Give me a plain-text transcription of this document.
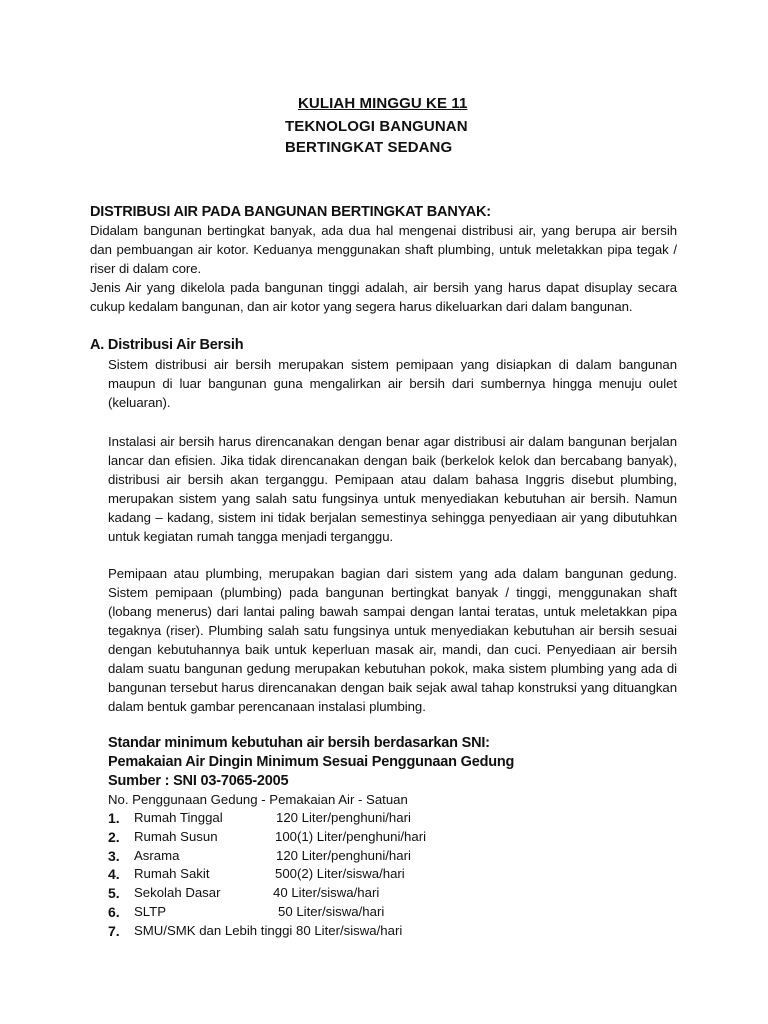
KULIAH MINGGU KE 11
TEKNOLOGI BANGUNAN
BERTINGKAT SEDANG
DISTRIBUSI AIR PADA BANGUNAN BERTINGKAT BANYAK:
Didalam bangunan bertingkat banyak, ada dua hal mengenai distribusi air, yang berupa air bersih dan pembuangan air kotor. Keduanya menggunakan shaft plumbing, untuk meletakkan pipa tegak / riser di dalam core.
Jenis Air yang dikelola pada bangunan tinggi adalah, air bersih yang harus dapat disuplay secara cukup kedalam bangunan, dan air kotor yang segera harus dikeluarkan dari dalam bangunan.
A. Distribusi Air Bersih
Sistem distribusi air bersih merupakan sistem pemipaan yang disiapkan di dalam bangunan maupun di luar bangunan guna mengalirkan air bersih dari sumbernya hingga menuju oulet (keluaran).
Instalasi air bersih harus direncanakan dengan benar agar distribusi air dalam bangunan berjalan lancar dan efisien. Jika tidak direncanakan dengan baik (berkelok kelok dan bercabang banyak), distribusi air bersih akan terganggu. Pemipaan atau dalam bahasa Inggris disebut plumbing, merupakan sistem yang salah satu fungsinya untuk menyediakan kebutuhan air bersih. Namun kadang – kadang, sistem ini tidak berjalan semestinya sehingga penyediaan air yang dibutuhkan untuk kegiatan rumah tangga menjadi terganggu.
Pemipaan atau plumbing, merupakan bagian dari sistem yang ada dalam bangunan gedung. Sistem pemipaan (plumbing) pada bangunan bertingkat banyak / tinggi, menggunakan shaft (lobang menerus) dari lantai paling bawah sampai dengan lantai teratas, untuk meletakkan pipa tegaknya (riser). Plumbing salah satu fungsinya untuk menyediakan kebutuhan air bersih sesuai dengan kebutuhannya baik untuk keperluan masak air, mandi, dan cuci. Penyediaan air bersih dalam suatu bangunan gedung merupakan kebutuhan pokok, maka sistem plumbing yang ada di bangunan tersebut harus direncanakan dengan baik sejak awal tahap konstruksi yang dituangkan dalam bentuk gambar perencanaan instalasi plumbing.
Standar minimum kebutuhan air bersih berdasarkan SNI:
Pemakaian Air Dingin Minimum Sesuai Penggunaan Gedung
Sumber : SNI 03-7065-2005
No. Penggunaan Gedung - Pemakaian Air - Satuan
1. Rumah Tinggal	120 Liter/penghuni/hari
2. Rumah Susun	100(1) Liter/penghuni/hari
3. Asrama	120 Liter/penghuni/hari
4. Rumah Sakit	500(2) Liter/siswa/hari
5. Sekolah Dasar	40 Liter/siswa/hari
6. SLTP	50 Liter/siswa/hari
7. SMU/SMK dan Lebih tinggi 80 Liter/siswa/hari
